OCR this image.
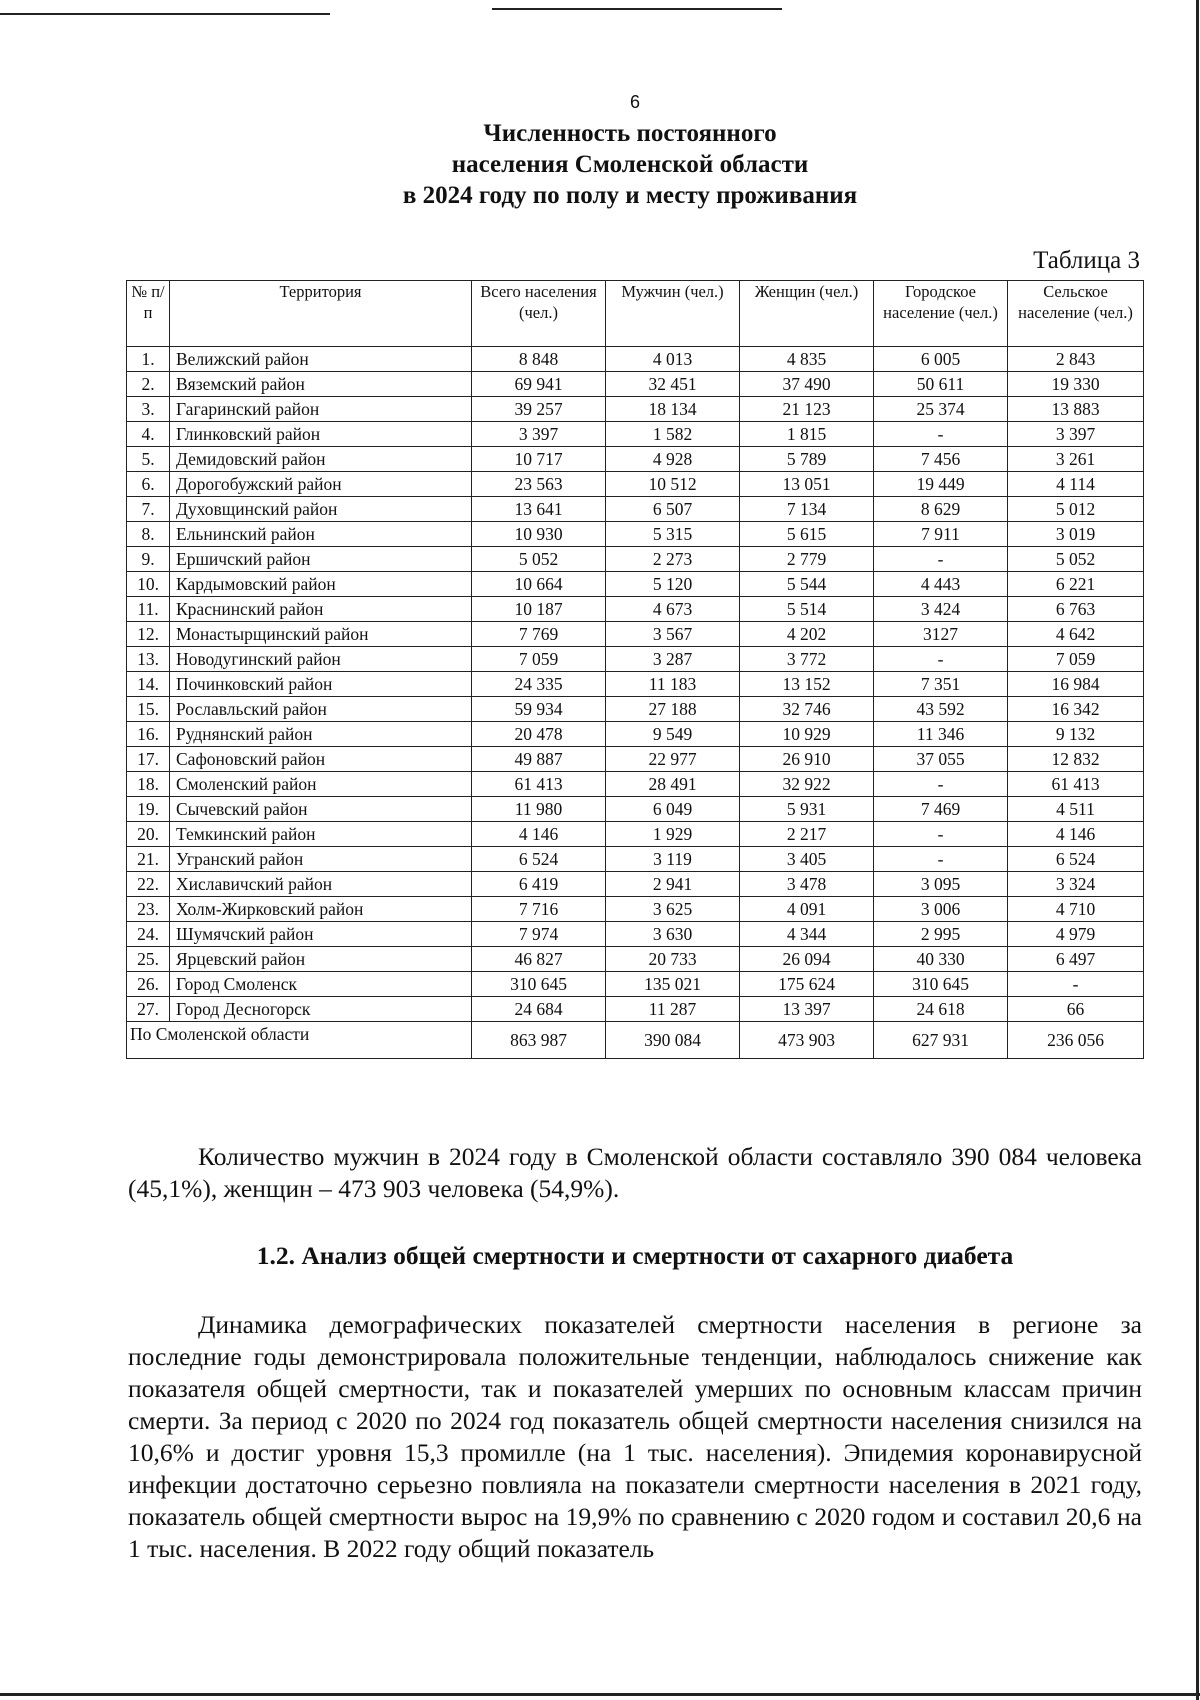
6
Численность постоянного
населения Смоленской области
в 2024 году по полу и месту проживания
Таблица 3
№ п/п	Территория	Всего населения (чел.)	Мужчин (чел.)	Женщин (чел.)	Городское население (чел.)	Сельское население (чел.)
1.	Велижский район	8 848	4 013	4 835	6 005	2 843
2.	Вяземский район	69 941	32 451	37 490	50 611	19 330
3.	Гагаринский район	39 257	18 134	21 123	25 374	13 883
4.	Глинковский район	3 397	1 582	1 815	-	3 397
5.	Демидовский район	10 717	4 928	5 789	7 456	3 261
6.	Дорогобужский район	23 563	10 512	13 051	19 449	4 114
7.	Духовщинский район	13 641	6 507	7 134	8 629	5 012
8.	Ельнинский район	10 930	5 315	5 615	7 911	3 019
9.	Ершичский район	5 052	2 273	2 779	-	5 052
10.	Кардымовский район	10 664	5 120	5 544	4 443	6 221
11.	Краснинский район	10 187	4 673	5 514	3 424	6 763
12.	Монастырщинский район	7 769	3 567	4 202	3127	4 642
13.	Новодугинский район	7 059	3 287	3 772	-	7 059
14.	Починковский район	24 335	11 183	13 152	7 351	16 984
15.	Рославльский район	59 934	27 188	32 746	43 592	16 342
16.	Руднянский район	20 478	9 549	10 929	11 346	9 132
17.	Сафоновский район	49 887	22 977	26 910	37 055	12 832
18.	Смоленский район	61 413	28 491	32 922	-	61 413
19.	Сычевский район	11 980	6 049	5 931	7 469	4 511
20.	Темкинский район	4 146	1 929	2 217	-	4 146
21.	Угранский район	6 524	3 119	3 405	-	6 524
22.	Хиславичский район	6 419	2 941	3 478	3 095	3 324
23.	Холм-Жирковский район	7 716	3 625	4 091	3 006	4 710
24.	Шумячский район	7 974	3 630	4 344	2 995	4 979
25.	Ярцевский район	46 827	20 733	26 094	40 330	6 497
26.	Город Смоленск	310 645	135 021	175 624	310 645	-
27.	Город Десногорск	24 684	11 287	13 397	24 618	66
По Смоленской области		863 987	390 084	473 903	627 931	236 056
Количество мужчин в 2024 году в Смоленской области составляло 390 084 человека (45,1%), женщин – 473 903 человека (54,9%).
1.2. Анализ общей смертности и смертности от сахарного диабета
Динамика демографических показателей смертности населения в регионе за последние годы демонстрировала положительные тенденции, наблюдалось снижение как показателя общей смертности, так и показателей умерших по основным классам причин смерти. За период с 2020 по 2024 год показатель общей смертности населения снизился на 10,6% и достиг уровня 15,3 промилле (на 1 тыс. населения). Эпидемия коронавирусной инфекции достаточно серьезно повлияла на показатели смертности населения в 2021 году, показатель общей смертности вырос на 19,9% по сравнению с 2020 годом и составил 20,6 на 1 тыс. населения. В 2022 году общий показатель
